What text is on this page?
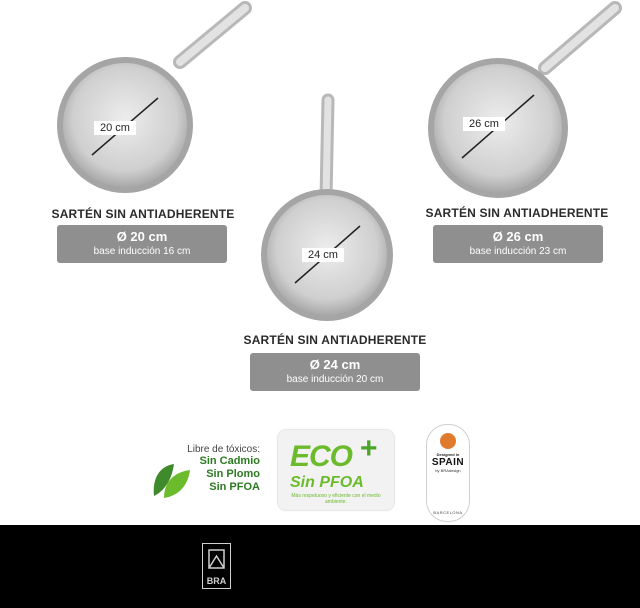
20 cm
24 cm
26 cm
SARTÉN SIN ANTIADHERENTE
Ø 20 cm
base inducción 16 cm
SARTÉN SIN ANTIADHERENTE
Ø 26 cm
base inducción 23 cm
SARTÉN SIN ANTIADHERENTE
Ø 24 cm
base inducción 20 cm
Libre de tóxicos:
Sin Cadmio
Sin Plomo
Sin PFOA
ECO +
Sin PFOA
Más respetuoso y eficiente con el medio ambiente.
Designed in
SPAIN
by BRAdesign
BARCELONA
BRA
